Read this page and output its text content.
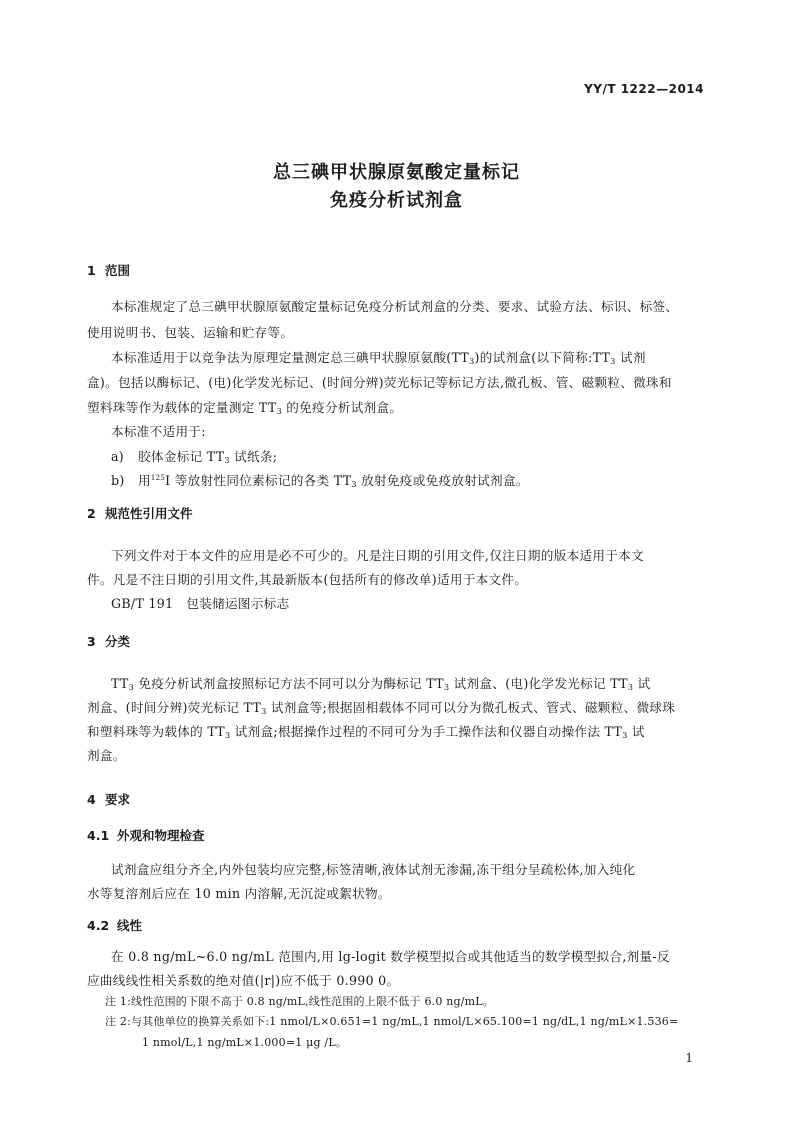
YY/T 1222—2014
总三碘甲状腺原氨酸定量标记
免疫分析试剂盒
1 范围
本标准规定了总三碘甲状腺原氨酸定量标记免疫分析试剂盒的分类、要求、试验方法、标识、标签、
使用说明书、包装、运输和贮存等。
本标准适用于以竞争法为原理定量测定总三碘甲状腺原氨酸$(TT_3)$的试剂盒(以下简称$:TT_3$ 试剂
盒)。包括以酶标记、(电)化学发光标记、(时间分辨)荧光标记等标记方法,微孔板、管、磁颗粒、微珠和
塑料珠等作为载体的定量测定 $TT_3$ 的免疫分析试剂盒。
本标准不适用于:
a) 胶体金标记 $TT_3$ 试纸条;
b) 用$^{125}$I 等放射性同位素标记的各类 $TT_3$ 放射免疫或免疫放射试剂盒。
2 规范性引用文件
下列文件对于本文件的应用是必不可少的。凡是注日期的引用文件,仅注日期的版本适用于本文
件。凡是不注日期的引用文件,其最新版本(包括所有的修改单)适用于本文件。
GB/T 191   包装储运图示标志
3 分类
$TT_3$ 免疫分析试剂盒按照标记方法不同可以分为酶标记 $TT_3$ 试剂盒、(电)化学发光标记 $TT_3$ 试
剂盒、(时间分辨)荧光标记 $TT_3$ 试剂盒等;根据固相载体不同可以分为微孔板式、管式、磁颗粒、微球珠
和塑料珠等为载体的 $TT_3$ 试剂盒;根据操作过程的不同可分为手工操作法和仪器自动操作法 $TT_3$ 试
剂盒。
4 要求
4.1 外观和物理检查
试剂盒应组分齐全,内外包装均应完整,标签清晰,液体试剂无渗漏,冻干组分呈疏松体,加入纯化
水等复溶剂后应在 10 min 内溶解,无沉淀或絮状物。
4.2 线性
在 0.8 ng/mL~6.0 ng/mL 范围内,用 lg-logit 数学模型拟合或其他适当的数学模型拟合,剂量-反
应曲线线性相关系数的绝对值(|r|)应不低于 0.990 0。
注 1:线性范围的下限不高于 0.8 ng/mL,线性范围的上限不低于 6.0 ng/mL。
注 2:与其他单位的换算关系如下:1 nmol/L×0.651=1 ng/mL,1 nmol/L×65.100=1 ng/dL,1 ng/mL×1.536=
1 nmol/L,1 ng/mL×1.000=1 μg /L。
1
